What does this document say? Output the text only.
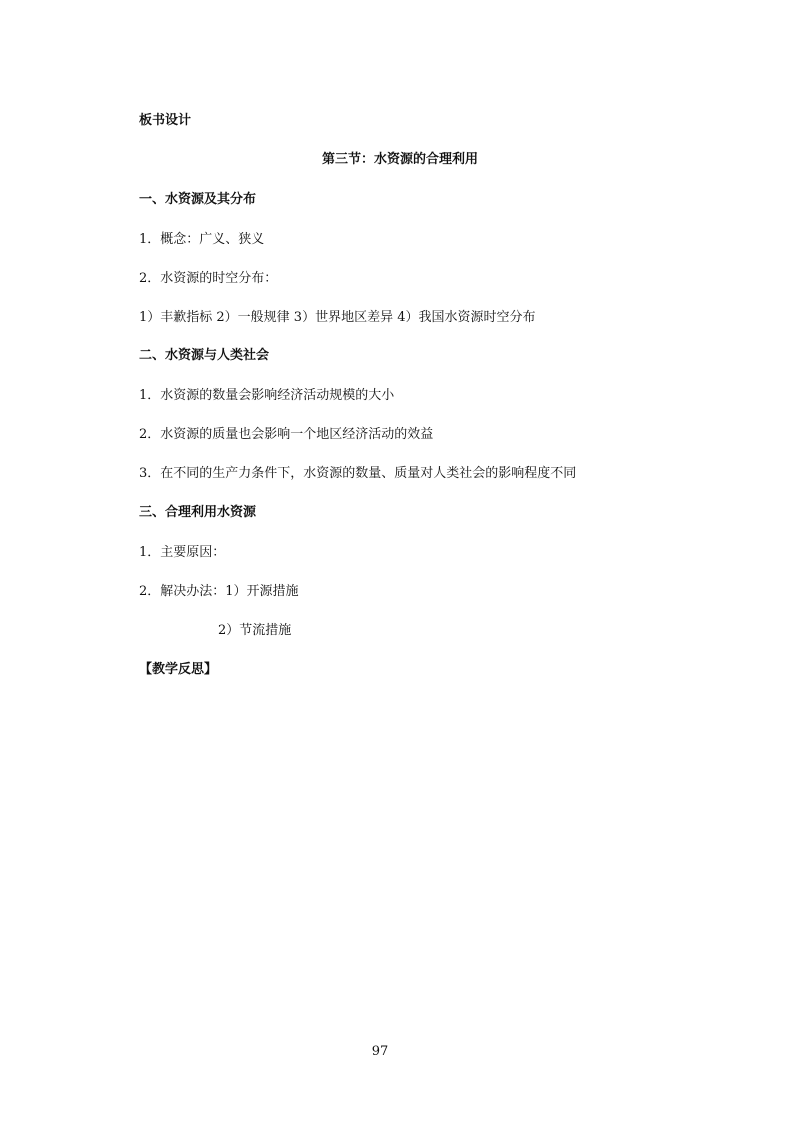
板书设计
第三节：水资源的合理利用
一、水资源及其分布
1．概念：广义、狭义
2．水资源的时空分布：
1）丰歉指标 2）一般规律 3）世界地区差异 4）我国水资源时空分布
二、水资源与人类社会
1．水资源的数量会影响经济活动规模的大小
2．水资源的质量也会影响一个地区经济活动的效益
3．在不同的生产力条件下，水资源的数量、质量对人类社会的影响程度不同
三、合理利用水资源
1．主要原因：
2．解决办法：1）开源措施
2）节流措施
【教学反思】
97
